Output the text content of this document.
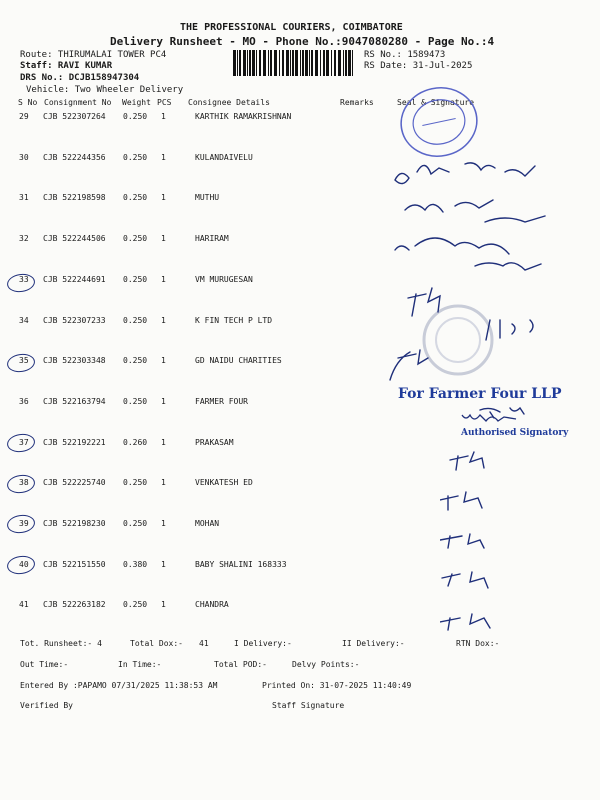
THE PROFESSIONAL COURIERS, COIMBATORE
Delivery Runsheet - MO - Phone No.:9047080280 - Page No.:4
Route: THIRUMALAI TOWER PC4
Staff: RAVI KUMAR
DRS No.: DCJB158947304
Vehicle: Two Wheeler Delivery
RS No.: 1589473
RS Date: 31-Jul-2025
S No Consignment No Weight PCS Consignee Details	Remarks	Seal & Signature
29 CJB 522307264 0.250 1	KARTHIK RAMAKRISHNAN
30 CJB 522244356 0.250 1	KULANDAIVELU
31 CJB 522198598 0.250 1	MUTHU
32 CJB 522244506 0.250 1	HARIRAM
33 CJB 522244691 0.250 1	VM MURUGESAN
34 CJB 522307233 0.250 1	K FIN TECH P LTD
35 CJB 522303348 0.250 1	GD NAIDU CHARITIES
36 CJB 522163794 0.250 1	FARMER FOUR
37 CJB 522192221 0.260 1	PRAKASAM
38 CJB 522225740 0.250 1	VENKATESH ED
39 CJB 522198230 0.250 1	MOHAN
40 CJB 522151550 0.380 1	BABY SHALINI 168333
41 CJB 522263182 0.250 1	CHANDRA
For Farmer Four LLP
Authorised Signatory
Tot. Runsheet:- 4	Total Dox:- 41	I Delivery:-	II Delivery:-	RTN Dox:-
Out Time:-	In Time:-	Total POD:-	Delvy Points:-
Entered By :PAPAMO 07/31/2025 11:38:53 AM	Printed On: 31-07-2025 11:40:49
Verified By	Staff Signature
